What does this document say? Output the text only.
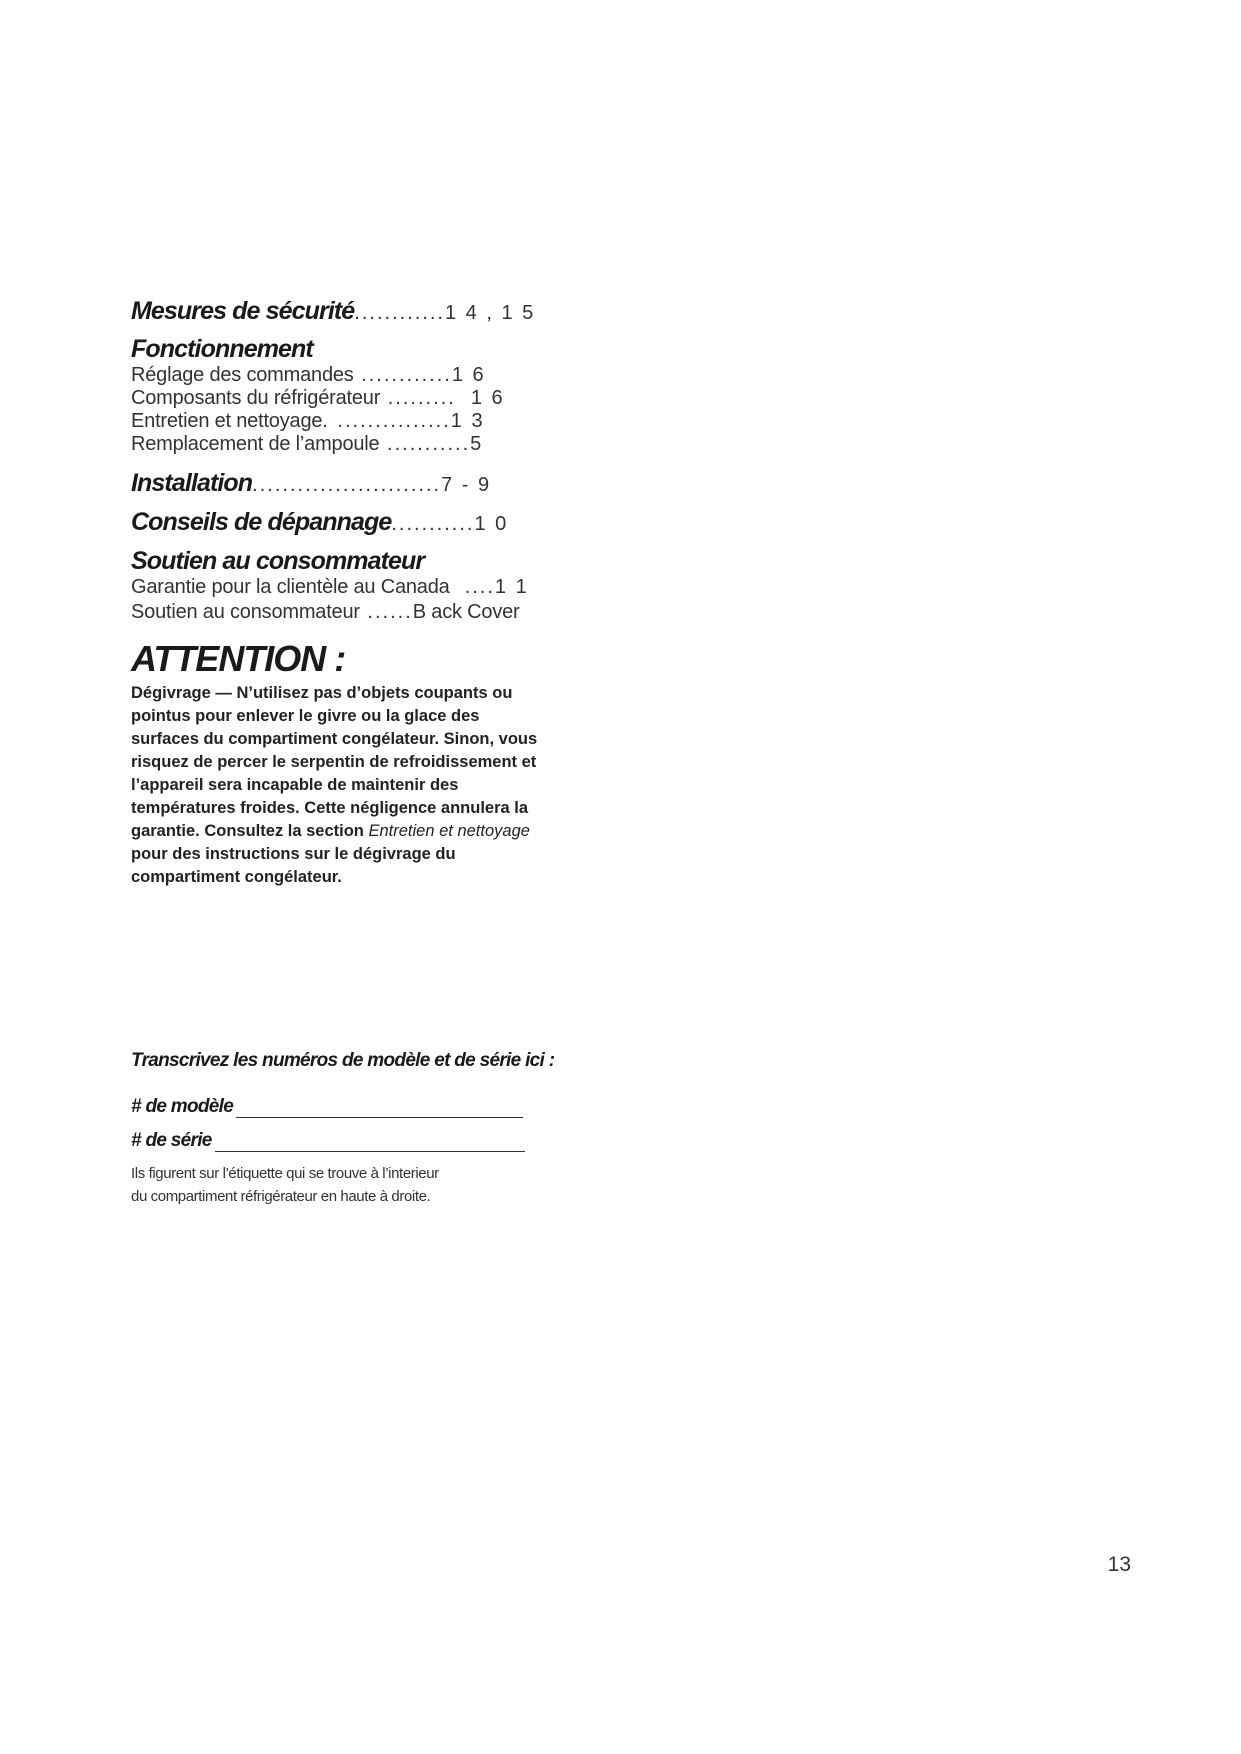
Mesures de sécurité............1 4 , 1 5
Fonctionnement
Réglage des commandes ............1 6
Composants du réfrigérateur .........  1 6
Entretien et nettoyage. ...............1 3
Remplacement de l’ampoule ...........5
Installation.........................7 - 9
Conseils de dépannage...........1 0
Soutien au consommateur
Garantie pour la clientèle au Canada  ....1 1
Soutien au consommateur ......B ack Cover
ATTENTION :

Dégivrage — N’utilisez pas d’objets coupants ou pointus pour enlever le givre ou la glace des surfaces du compartiment congélateur. Sinon, vous risquez de percer le serpentin de refroidissement et l’appareil sera incapable de maintenir des températures froides. Cette négligence annulera la garantie. Consultez la section Entretien et nettoyage pour des instructions sur le dégivrage du compartiment congélateur.

Transcrivez les numéros de modèle et de série ici :

# de modèle
# de série
Ils figurent sur l’étiquette qui se trouve à l’interieur
du compartiment réfrigérateur en haute à droite.

13
